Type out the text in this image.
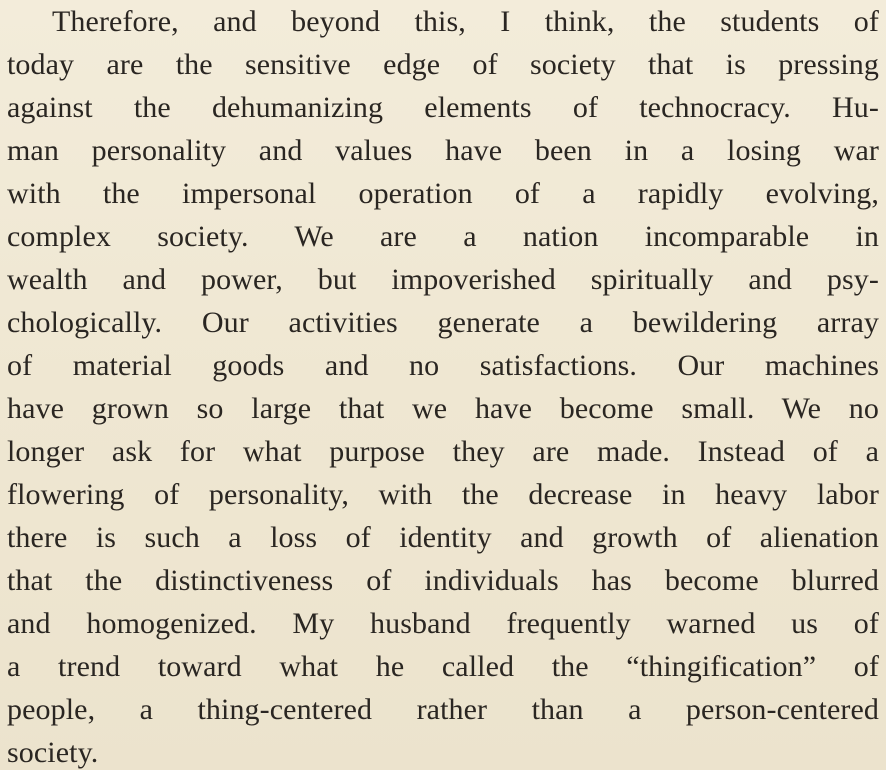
Therefore, and beyond this, I think, the students of
today are the sensitive edge of society that is pressing
against the dehumanizing elements of technocracy. Hu-
man personality and values have been in a losing war
with the impersonal operation of a rapidly evolving,
complex society. We are a nation incomparable in
wealth and power, but impoverished spiritually and psy-
chologically. Our activities generate a bewildering array
of material goods and no satisfactions. Our machines
have grown so large that we have become small. We no
longer ask for what purpose they are made. Instead of a
flowering of personality, with the decrease in heavy labor
there is such a loss of identity and growth of alienation
that the distinctiveness of individuals has become blurred
and homogenized. My husband frequently warned us of
a trend toward what he called the “thingification” of
people, a thing-centered rather than a person-centered
society.
